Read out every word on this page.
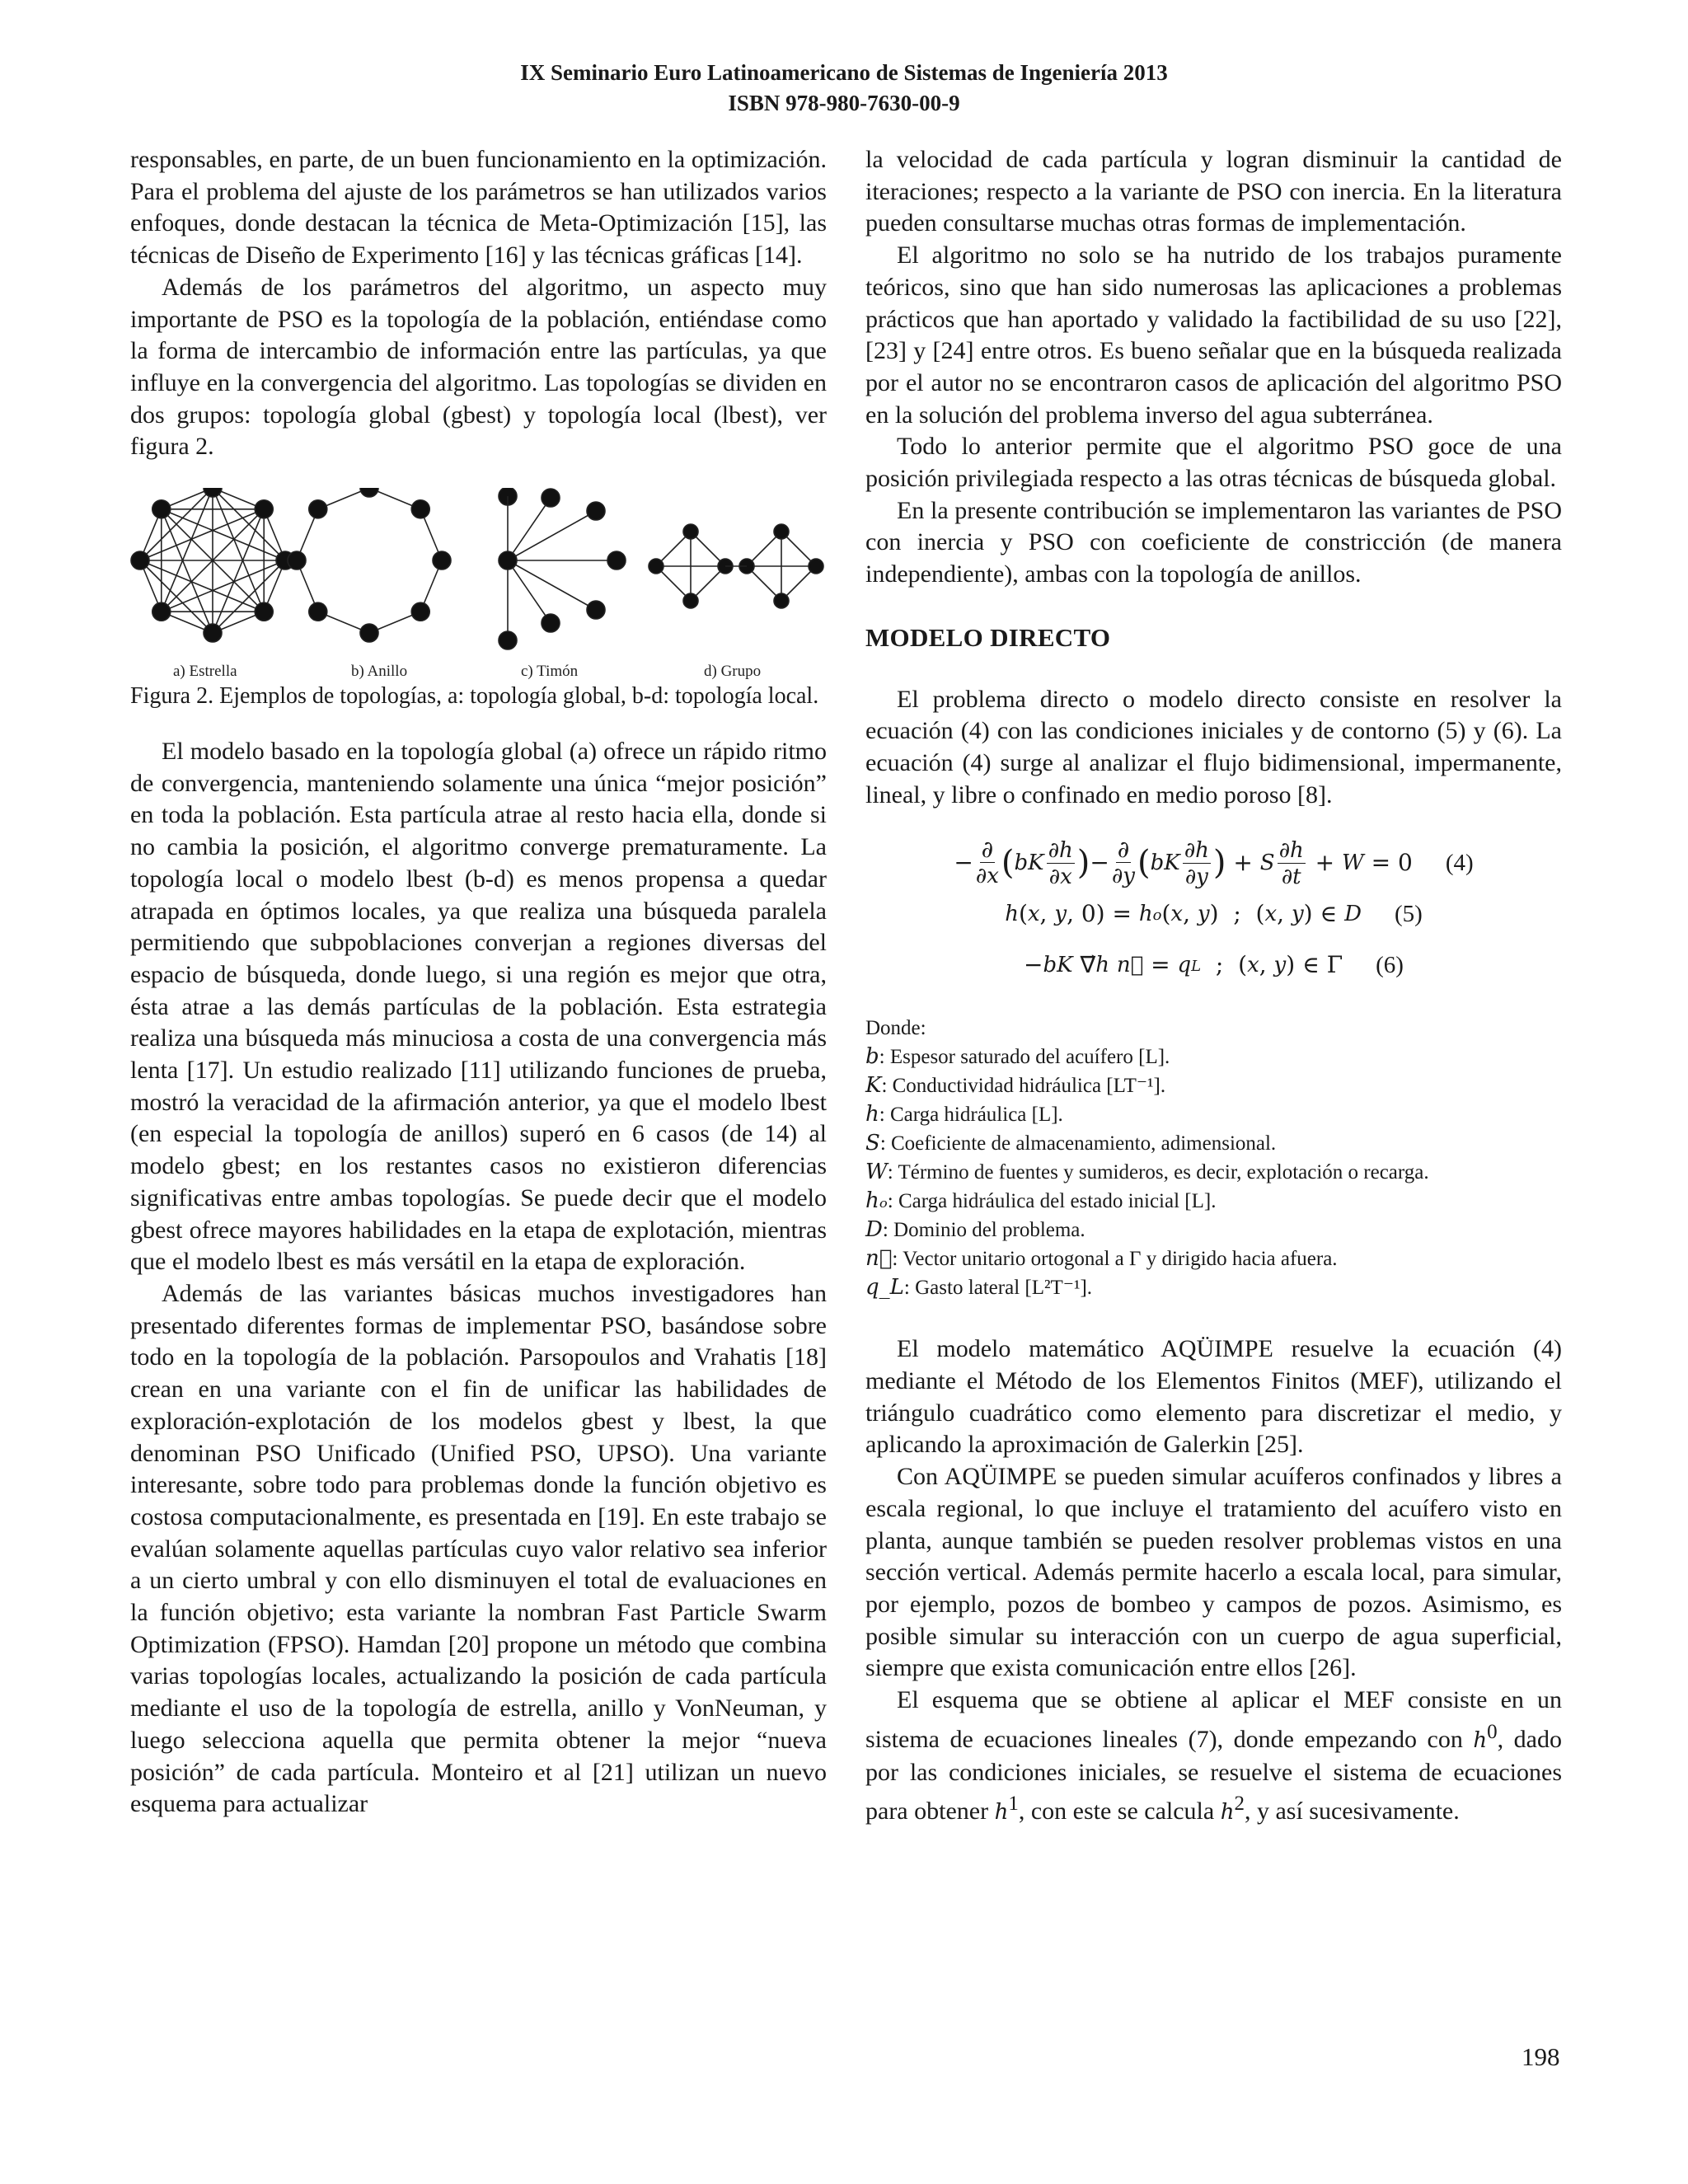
IX Seminario Euro Latinoamericano de Sistemas de Ingeniería 2013
ISBN 978-980-7630-00-9

responsables, en parte, de un buen funcionamiento en la optimización. Para el problema del ajuste de los parámetros se han utilizados varios enfoques, donde destacan la técnica de Meta-Optimización [15], las técnicas de Diseño de Experimento [16] y las técnicas gráficas [14].

Además de los parámetros del algoritmo, un aspecto muy importante de PSO es la topología de la población, entiéndase como la forma de intercambio de información entre las partículas, ya que influye en la convergencia del algoritmo. Las topologías se dividen en dos grupos: topología global (gbest) y topología local (lbest), ver figura 2.

a) Estrella	b) Anillo	c) Timón	d) Grupo

Figura 2. Ejemplos de topologías, a: topología global, b-d: topología local.

El modelo basado en la topología global (a) ofrece un rápido ritmo de convergencia, manteniendo solamente una única “mejor posición” en toda la población. Esta partícula atrae al resto hacia ella, donde si no cambia la posición, el algoritmo converge prematuramente. La topología local o modelo lbest (b-d) es menos propensa a quedar atrapada en óptimos locales, ya que realiza una búsqueda paralela permitiendo que subpoblaciones converjan a regiones diversas del espacio de búsqueda, donde luego, si una región es mejor que otra, ésta atrae a las demás partículas de la población. Esta estrategia realiza una búsqueda más minuciosa a costa de una convergencia más lenta [17]. Un estudio realizado [11] utilizando funciones de prueba, mostró la veracidad de la afirmación anterior, ya que el modelo lbest (en especial la topología de anillos) superó en 6 casos (de 14) al modelo gbest; en los restantes casos no existieron diferencias significativas entre ambas topologías. Se puede decir que el modelo gbest ofrece mayores habilidades en la etapa de explotación, mientras que el modelo lbest es más versátil en la etapa de exploración.

Además de las variantes básicas muchos investigadores han presentado diferentes formas de implementar PSO, basándose sobre todo en la topología de la población. Parsopoulos and Vrahatis [18] crean en una variante con el fin de unificar las habilidades de exploración-explotación de los modelos gbest y lbest, la que denominan PSO Unificado (Unified PSO, UPSO). Una variante interesante, sobre todo para problemas donde la función objetivo es costosa computacionalmente, es presentada en [19]. En este trabajo se evalúan solamente aquellas partículas cuyo valor relativo sea inferior a un cierto umbral y con ello disminuyen el total de evaluaciones en la función objetivo; esta variante la nombran Fast Particle Swarm Optimization (FPSO). Hamdan [20] propone un método que combina varias topologías locales, actualizando la posición de cada partícula mediante el uso de la topología de estrella, anillo y VonNeuman, y luego selecciona aquella que permita obtener la mejor “nueva posición” de cada partícula. Monteiro et al [21] utilizan un nuevo esquema para actualizar

la velocidad de cada partícula y logran disminuir la cantidad de iteraciones; respecto a la variante de PSO con inercia. En la literatura pueden consultarse muchas otras formas de implementación.

El algoritmo no solo se ha nutrido de los trabajos puramente teóricos, sino que han sido numerosas las aplicaciones a problemas prácticos que han aportado y validado la factibilidad de su uso [22], [23] y [24] entre otros. Es bueno señalar que en la búsqueda realizada por el autor no se encontraron casos de aplicación del algoritmo PSO en la solución del problema inverso del agua subterránea.

Todo lo anterior permite que el algoritmo PSO goce de una posición privilegiada respecto a las otras técnicas de búsqueda global.

En la presente contribución se implementaron las variantes de PSO con inercia y PSO con coeficiente de constricción (de manera independiente), ambas con la topología de anillos.

MODELO DIRECTO

El problema directo o modelo directo consiste en resolver la ecuación (4) con las condiciones iniciales y de contorno (5) y (6). La ecuación (4) surge al analizar el flujo bidimensional, impermanente, lineal, y libre o confinado en medio poroso [8].

− $\frac{\partial}{\partial x}$ ( bK $\frac{\partial h}{\partial x}$ ) − $\frac{\partial}{\partial y}$ ( bK $\frac{\partial h}{\partial y}$ ) + S $\frac{\partial h}{\partial t} + W = 0$ (4)
h ( x , y , 0) = h o ( x , y )  ;  ( x , y ) ∈ D (5)
− bK ∇⃗ h
n⃗ = q L ;  ( x , y ) ∈ Γ (6)
Donde:
b: Espesor saturado del acuífero [L].
K: Conductividad hidráulica [LT⁻¹].
h: Carga hidráulica [L].
S: Coeficiente de almacenamiento, adimensional.
W: Término de fuentes y sumideros, es decir, explotación o recarga.
hₒ: Carga hidráulica del estado inicial [L].
D: Dominio del problema.
n⃗: Vector unitario ortogonal a Γ y dirigido hacia afuera.
q_L: Gasto lateral [L²T⁻¹].

El modelo matemático AQÜIMPE resuelve la ecuación (4) mediante el Método de los Elementos Finitos (MEF), utilizando el triángulo cuadrático como elemento para discretizar el medio, y aplicando la aproximación de Galerkin [25].

Con AQÜIMPE se pueden simular acuíferos confinados y libres a escala regional, lo que incluye el tratamiento del acuífero visto en planta, aunque también se pueden resolver problemas vistos en una sección vertical. Además permite hacerlo a escala local, para simular, por ejemplo, pozos de bombeo y campos de pozos. Asimismo, es posible simular su interacción con un cuerpo de agua superficial, siempre que exista comunicación entre ellos [26].

El esquema que se obtiene al aplicar el MEF consiste en un sistema de ecuaciones lineales (7), donde empezando con $h^0$, dado por las condiciones iniciales, se resuelve el sistema de ecuaciones para obtener $h^1$, con este se calcula $h^2$, y así sucesivamente.

198
